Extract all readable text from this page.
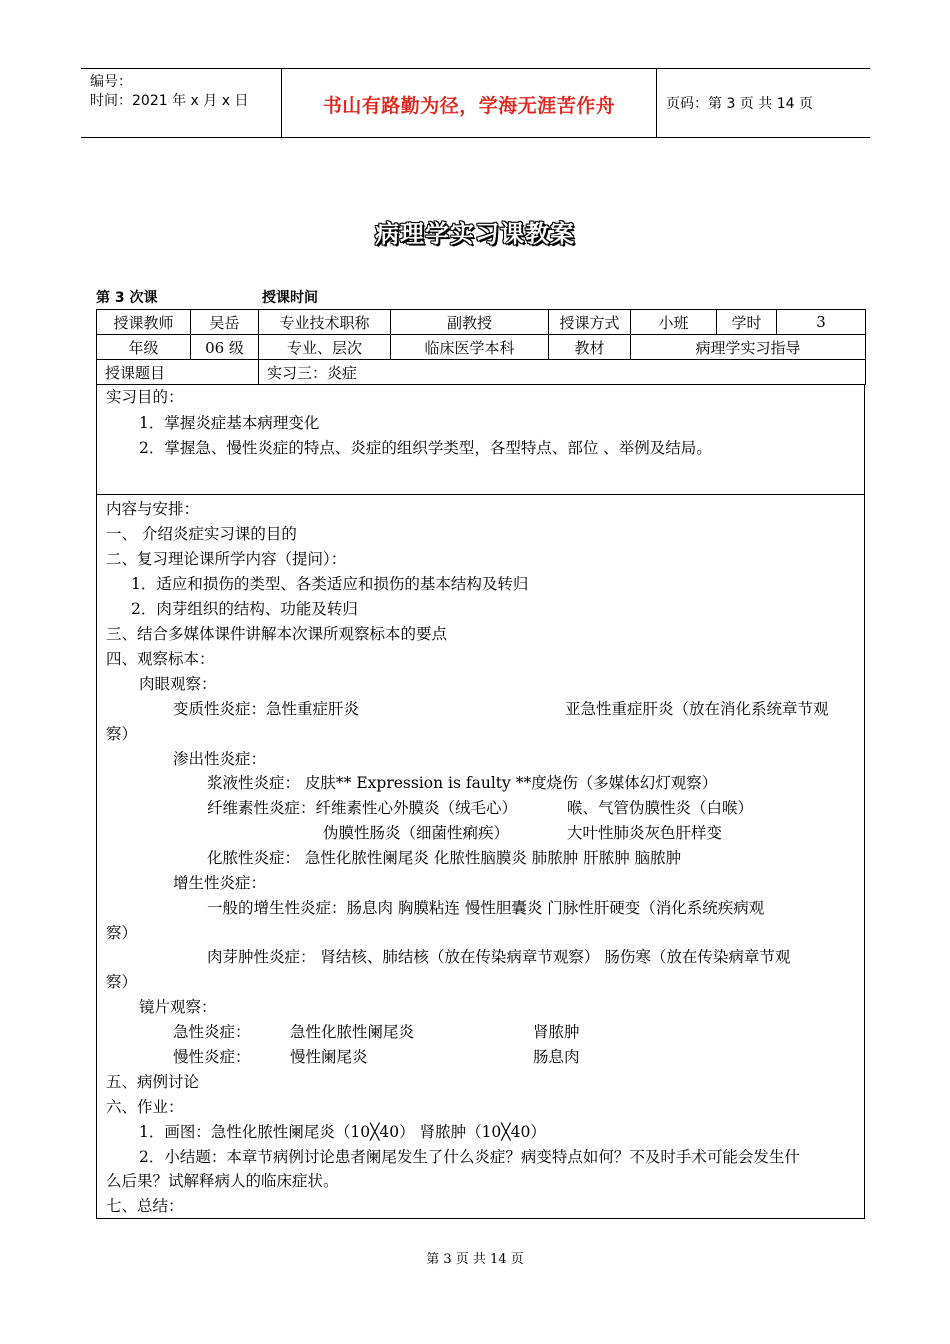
编号：
时间：2021 年 x 月 x 日	书山有路勤为径，学海无涯苦作舟	页码：第 3 页 共 14 页
病理学实习课教案
第 3 次课	授课时间
授课教师	吴岳	专业技术职称	副教授	授课方式	小班	学时	3
年级	06 级	专业、层次	临床医学本科	教材	病理学实习指导		
授课题目		实习三：炎症					
实习目的：
1．掌握炎症基本病理变化
2．掌握急、慢性炎症的特点、炎症的组织学类型，各型特点、部位 、举例及结局。
内容与安排：
一、 介绍炎症实习课的目的
二、复习理论课所学内容（提问）：
1．适应和损伤的类型、各类适应和损伤的基本结构及转归
2．肉芽组织的结构、功能及转归
三、结合多媒体课件讲解本次课所观察标本的要点
四、观察标本：
肉眼观察：
变质性炎症：急性重症肝炎	亚急性重症肝炎（放在消化系统章节观
察）
渗出性炎症：
浆液性炎症： 皮肤** Expression is faulty **度烧伤（多媒体幻灯观察）
纤维素性炎症：纤维素性心外膜炎（绒毛心）	喉、气管伪膜性炎（白喉）
伪膜性肠炎（细菌性痢疾）	大叶性肺炎灰色肝样变
化脓性炎症： 急性化脓性阑尾炎 化脓性脑膜炎 肺脓肿 肝脓肿 脑脓肿
增生性炎症：
一般的增生性炎症：肠息肉 胸膜粘连 慢性胆囊炎 门脉性肝硬变（消化系统疾病观
察）
肉芽肿性炎症： 肾结核、肺结核（放在传染病章节观察） 肠伤寒（放在传染病章节观
察）
镜片观察：
急性炎症：	急性化脓性阑尾炎	肾脓肿
慢性炎症：	慢性阑尾炎	肠息肉
五、病例讨论
六、作业：
1．画图：急性化脓性阑尾炎（10╳40） 肾脓肿（10╳40）
2．小结题：本章节病例讨论患者阑尾发生了什么炎症？病变特点如何？不及时手术可能会发生什
么后果？试解释病人的临床症状。
七、总结：
第 3 页 共 14 页
